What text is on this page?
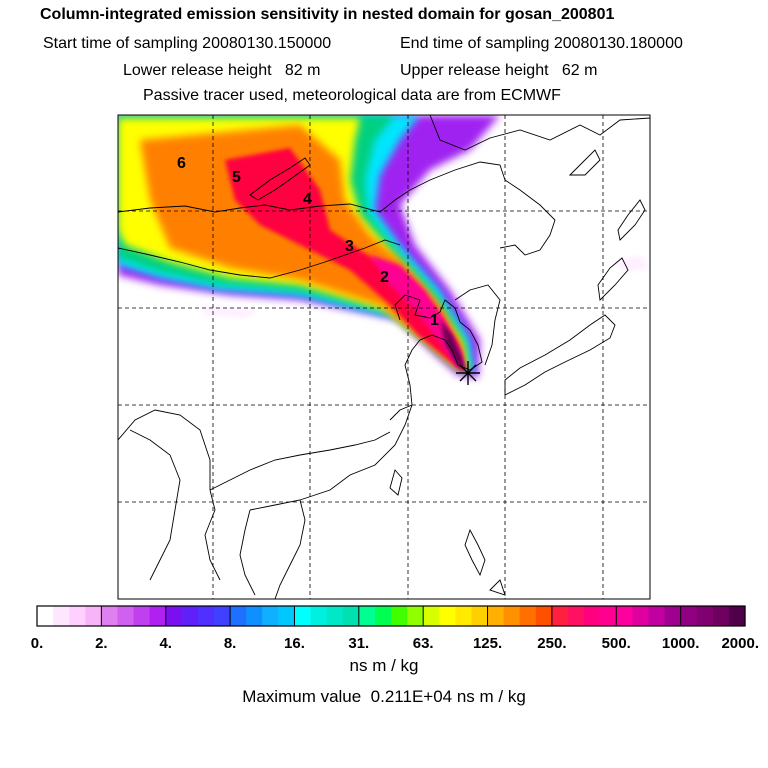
Column-integrated emission sensitivity in nested domain for gosan_200801
Start time of sampling 20080130.150000	End time of sampling 20080130.180000
Lower release height   82 m	Upper release height   62 m
Passive tracer used, meteorological data are from ECMWF
6
5
4
3
2
1
0.	2.	4.	8.	16.	31.	63.	125. 250. 500. 1000. 2000.
ns m / kg
Maximum value  0.211E+04 ns m / kg
